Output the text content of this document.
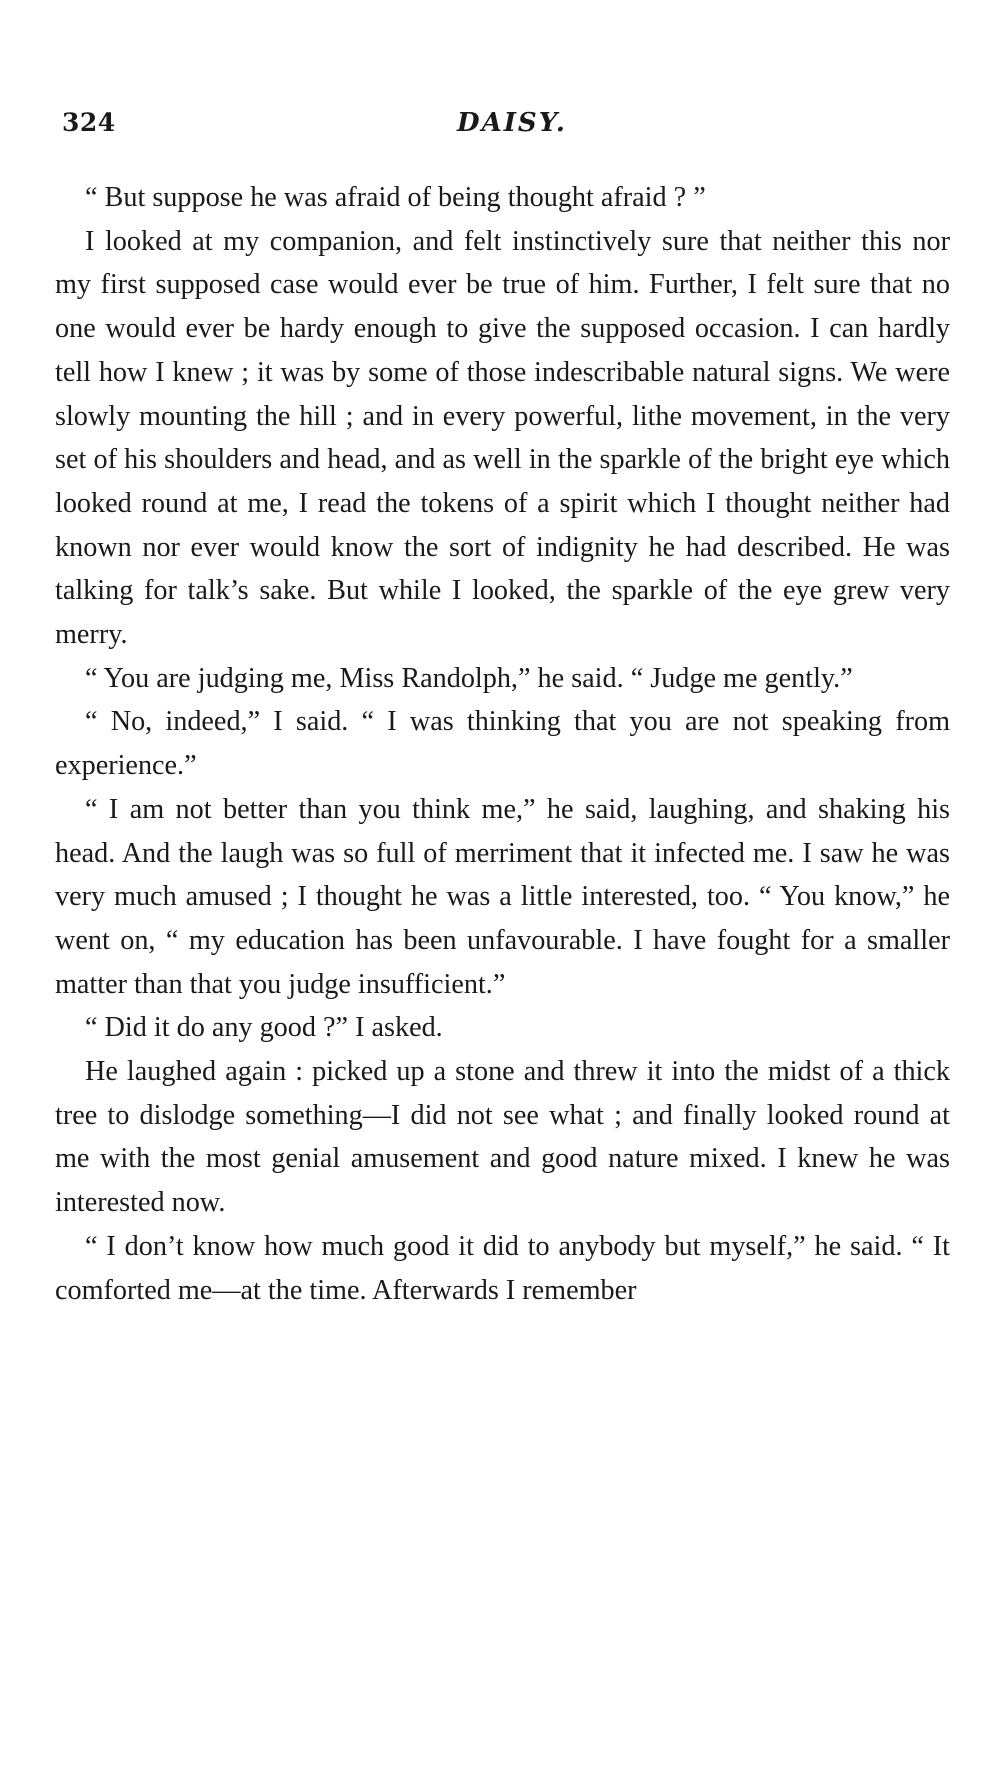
324	DAISY.

“ But suppose he was afraid of being thought afraid ? ”

I looked at my companion, and felt instinctively sure that neither this nor my first supposed case would ever be true of him. Further, I felt sure that no one would ever be hardy enough to give the supposed occasion. I can hardly tell how I knew ; it was by some of those indescribable natural signs. We were slowly mounting the hill ; and in every powerful, lithe movement, in the very set of his shoulders and head, and as well in the sparkle of the bright eye which looked round at me, I read the tokens of a spirit which I thought neither had known nor ever would know the sort of indignity he had described. He was talking for talk’s sake. But while I looked, the sparkle of the eye grew very merry.

“ You are judging me, Miss Randolph,” he said. “ Judge me gently.”

“ No, indeed,” I said. “ I was thinking that you are not speaking from experience.”

“ I am not better than you think me,” he said, laughing, and shaking his head. And the laugh was so full of merriment that it infected me. I saw he was very much amused ; I thought he was a little interested, too. “ You know,” he went on, “ my education has been unfavourable. I have fought for a smaller matter than that you judge insufficient.”

“ Did it do any good ?” I asked.

He laughed again : picked up a stone and threw it into the midst of a thick tree to dislodge something—I did not see what ; and finally looked round at me with the most genial amusement and good nature mixed. I knew he was interested now.

“ I don’t know how much good it did to anybody but myself,” he said. “ It comforted me—at the time. Afterwards I remember
